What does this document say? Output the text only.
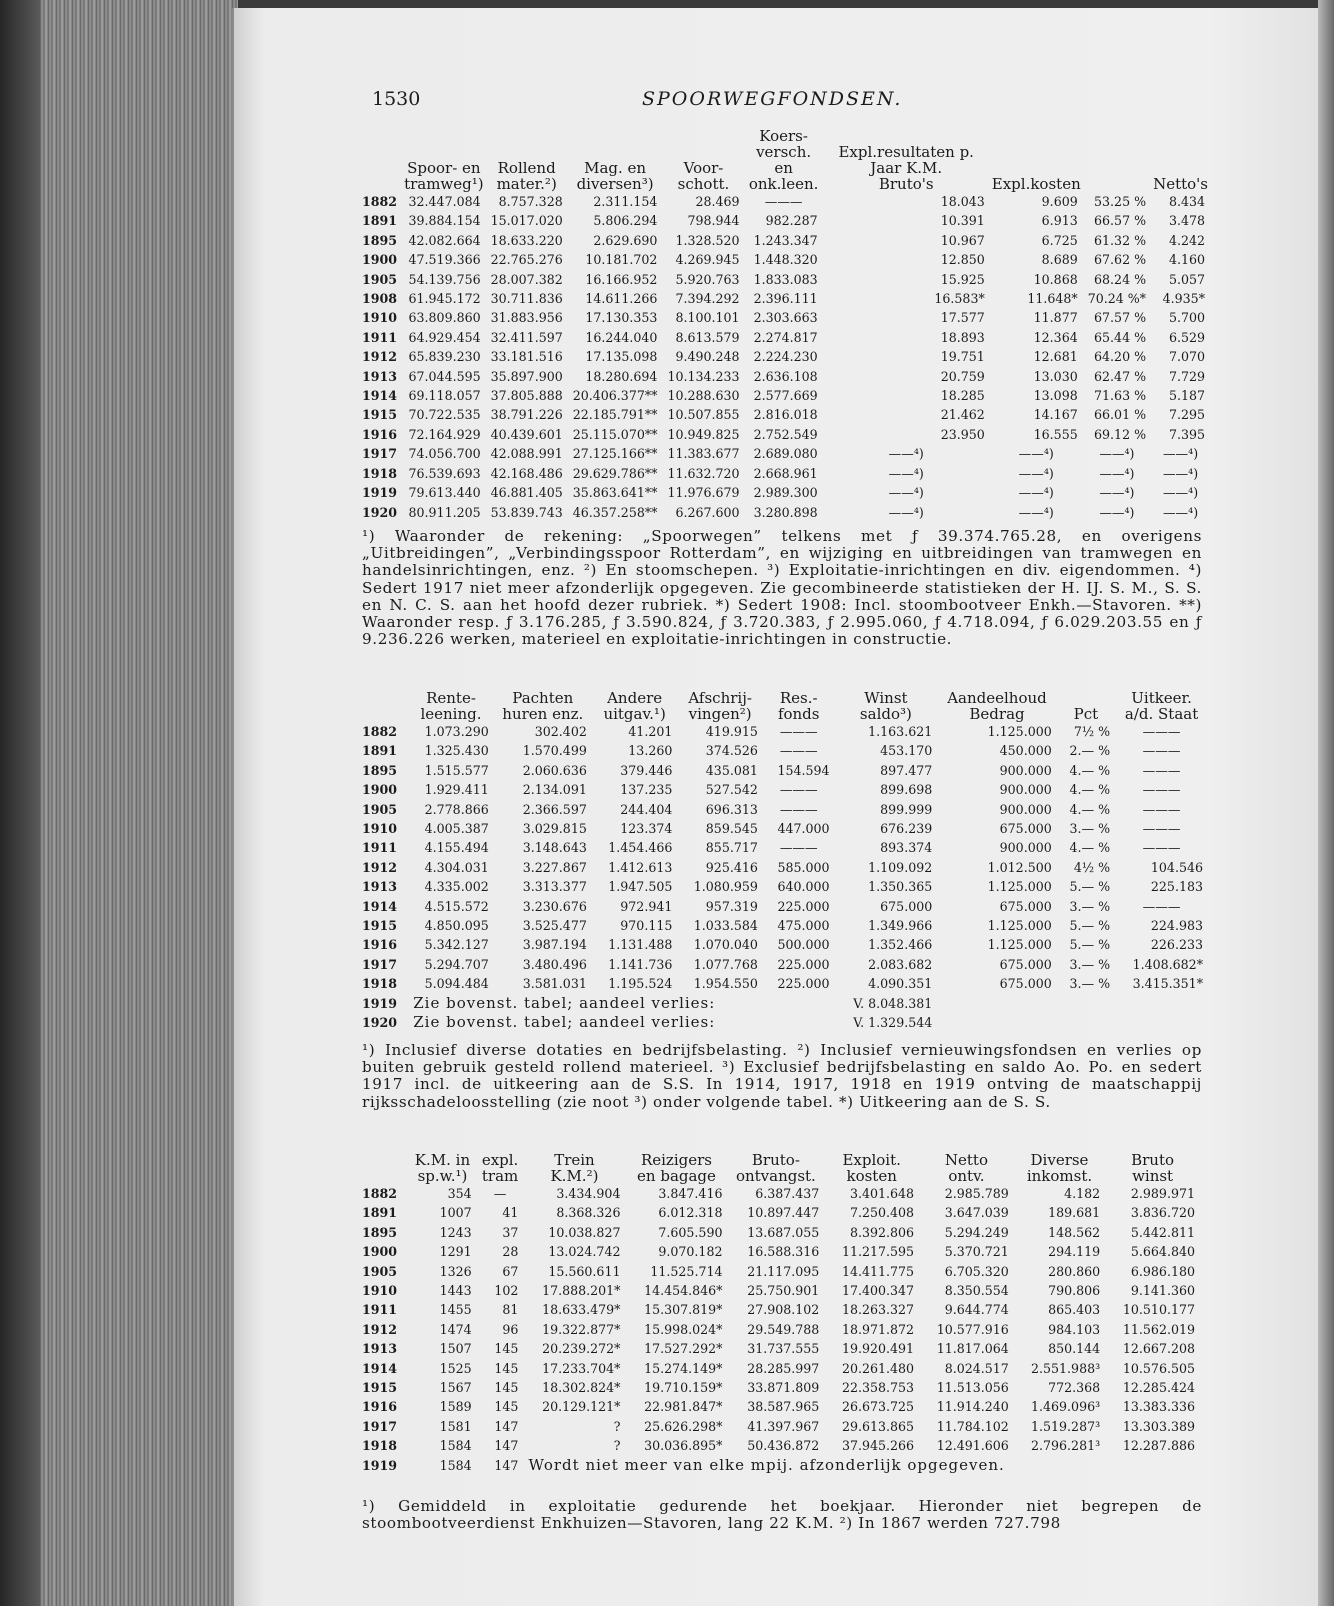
1530	SPOORWEGFONDSEN.
	Spoor- en
tramweg¹)	Rollend
mater.²)	Mag. en
diversen³)	Voor-
schott.	Koers-
versch. en
onk.leen.	Expl.resultaten p. Jaar K.M.
Bruto's	Expl.kosten		Netto's
1882	32.447.084	8.757.328	2.311.154	28.469	———	18.043	9.609	53.25 %	8.434
1891	39.884.154	15.017.020	5.806.294	798.944	982.287	10.391	6.913	66.57 %	3.478
1895	42.082.664	18.633.220	2.629.690	1.328.520	1.243.347	10.967	6.725	61.32 %	4.242
1900	47.519.366	22.765.276	10.181.702	4.269.945	1.448.320	12.850	8.689	67.62 %	4.160
1905	54.139.756	28.007.382	16.166.952	5.920.763	1.833.083	15.925	10.868	68.24 %	5.057
1908	61.945.172	30.711.836	14.611.266	7.394.292	2.396.111	16.583*	11.648*	70.24 %*	4.935*
1910	63.809.860	31.883.956	17.130.353	8.100.101	2.303.663	17.577	11.877	67.57 %	5.700
1911	64.929.454	32.411.597	16.244.040	8.613.579	2.274.817	18.893	12.364	65.44 %	6.529
1912	65.839.230	33.181.516	17.135.098	9.490.248	2.224.230	19.751	12.681	64.20 %	7.070
1913	67.044.595	35.897.900	18.280.694	10.134.233	2.636.108	20.759	13.030	62.47 %	7.729
1914	69.118.057	37.805.888	20.406.377**	10.288.630	2.577.669	18.285	13.098	71.63 %	5.187
1915	70.722.535	38.791.226	22.185.791**	10.507.855	2.816.018	21.462	14.167	66.01 %	7.295
1916	72.164.929	40.439.601	25.115.070**	10.949.825	2.752.549	23.950	16.555	69.12 %	7.395
1917	74.056.700	42.088.991	27.125.166**	11.383.677	2.689.080	——⁴)	——⁴)	——⁴)	——⁴)
1918	76.539.693	42.168.486	29.629.786**	11.632.720	2.668.961	——⁴)	——⁴)	——⁴)	——⁴)
1919	79.613.440	46.881.405	35.863.641**	11.976.679	2.989.300	——⁴)	——⁴)	——⁴)	——⁴)
1920	80.911.205	53.839.743	46.357.258**	6.267.600	3.280.898	——⁴)	——⁴)	——⁴)	——⁴)
¹) Waaronder de rekening: „Spoorwegen” telkens met ƒ 39.374.765.28, en overigens „Uitbreidingen”, „Verbindingsspoor Rotterdam”, en wijziging en uitbreidingen van tramwegen en handelsinrichtingen, enz. ²) En stoomschepen. ³) Exploitatie-inrichtingen en div. eigendommen. ⁴) Sedert 1917 niet meer afzonderlijk opgegeven. Zie gecombineerde statistieken der H. IJ. S. M., S. S. en N. C. S. aan het hoofd dezer rubriek. *) Sedert 1908: Incl. stoombootveer Enkh.—Stavoren. **) Waaronder resp. ƒ 3.176.285, ƒ 3.590.824, ƒ 3.720.383, ƒ 2.995.060, ƒ 4.718.094, ƒ 6.029.203.55 en ƒ 9.236.226 werken, materieel en exploitatie-inrichtingen in constructie.
	Rente-
leening.	Pachten
huren enz.	Andere
uitgav.¹)	Afschrij-
vingen²)	Res.-
fonds	Winst
saldo³)	Aandeelhoud
Bedrag	Pct	Uitkeer.
a/d. Staat
1882	1.073.290	302.402	41.201	419.915	———	1.163.621	1.125.000	7½ %	———
1891	1.325.430	1.570.499	13.260	374.526	———	453.170	450.000	2.— %	———
1895	1.515.577	2.060.636	379.446	435.081	154.594	897.477	900.000	4.— %	———
1900	1.929.411	2.134.091	137.235	527.542	———	899.698	900.000	4.— %	———
1905	2.778.866	2.366.597	244.404	696.313	———	899.999	900.000	4.— %	———
1910	4.005.387	3.029.815	123.374	859.545	447.000	676.239	675.000	3.— %	———
1911	4.155.494	3.148.643	1.454.466	855.717	———	893.374	900.000	4.— %	———
1912	4.304.031	3.227.867	1.412.613	925.416	585.000	1.109.092	1.012.500	4½ %	104.546
1913	4.335.002	3.313.377	1.947.505	1.080.959	640.000	1.350.365	1.125.000	5.— %	225.183
1914	4.515.572	3.230.676	972.941	957.319	225.000	675.000	675.000	3.— %	———
1915	4.850.095	3.525.477	970.115	1.033.584	475.000	1.349.966	1.125.000	5.— %	224.983
1916	5.342.127	3.987.194	1.131.488	1.070.040	500.000	1.352.466	1.125.000	5.— %	226.233
1917	5.294.707	3.480.496	1.141.736	1.077.768	225.000	2.083.682	675.000	3.— %	1.408.682*
1918	5.094.484	3.581.031	1.195.524	1.954.550	225.000	4.090.351	675.000	3.— %	3.415.351*
1919	Zie bovenst. tabel; aandeel verlies:					V. 8.048.381			
1920	Zie bovenst. tabel; aandeel verlies:					V. 1.329.544			
¹) Inclusief diverse dotaties en bedrijfsbelasting. ²) Inclusief vernieuwingsfondsen en verlies op buiten gebruik gesteld rollend materieel. ³) Exclusief bedrijfsbelasting en saldo Ao. Po. en sedert 1917 incl. de uitkeering aan de S.S. In 1914, 1917, 1918 en 1919 ontving de maatschappij rijksschadeloosstelling (zie noot ³) onder volgende tabel. *) Uitkeering aan de S. S.
	K.M. in
sp.w.¹)	expl.
tram	Trein
K.M.²)	Reizigers
en bagage	Bruto-
ontvangst.	Exploit.
kosten	Netto
ontv.	Diverse
inkomst.	Bruto
winst
1882	354	—	3.434.904	3.847.416	6.387.437	3.401.648	2.985.789	4.182	2.989.971
1891	1007	41	8.368.326	6.012.318	10.897.447	7.250.408	3.647.039	189.681	3.836.720
1895	1243	37	10.038.827	7.605.590	13.687.055	8.392.806	5.294.249	148.562	5.442.811
1900	1291	28	13.024.742	9.070.182	16.588.316	11.217.595	5.370.721	294.119	5.664.840
1905	1326	67	15.560.611	11.525.714	21.117.095	14.411.775	6.705.320	280.860	6.986.180
1910	1443	102	17.888.201*	14.454.846*	25.750.901	17.400.347	8.350.554	790.806	9.141.360
1911	1455	81	18.633.479*	15.307.819*	27.908.102	18.263.327	9.644.774	865.403	10.510.177
1912	1474	96	19.322.877*	15.998.024*	29.549.788	18.971.872	10.577.916	984.103	11.562.019
1913	1507	145	20.239.272*	17.527.292*	31.737.555	19.920.491	11.817.064	850.144	12.667.208
1914	1525	145	17.233.704*	15.274.149*	28.285.997	20.261.480	8.024.517	2.551.988³	10.576.505
1915	1567	145	18.302.824*	19.710.159*	33.871.809	22.358.753	11.513.056	772.368	12.285.424
1916	1589	145	20.129.121*	22.981.847*	38.587.965	26.673.725	11.914.240	1.469.096³	13.383.336
1917	1581	147	?	25.626.298*	41.397.967	29.613.865	11.784.102	1.519.287³	13.303.389
1918	1584	147	?	30.036.895*	50.436.872	37.945.266	12.491.606	2.796.281³	12.287.886
1919	1584	147	Wordt niet meer van elke mpij. afzonderlijk opgegeven.						
¹) Gemiddeld in exploitatie gedurende het boekjaar. Hieronder niet begrepen de stoombootveerdienst Enkhuizen—Stavoren, lang 22 K.M. ²) In 1867 werden 727.798
